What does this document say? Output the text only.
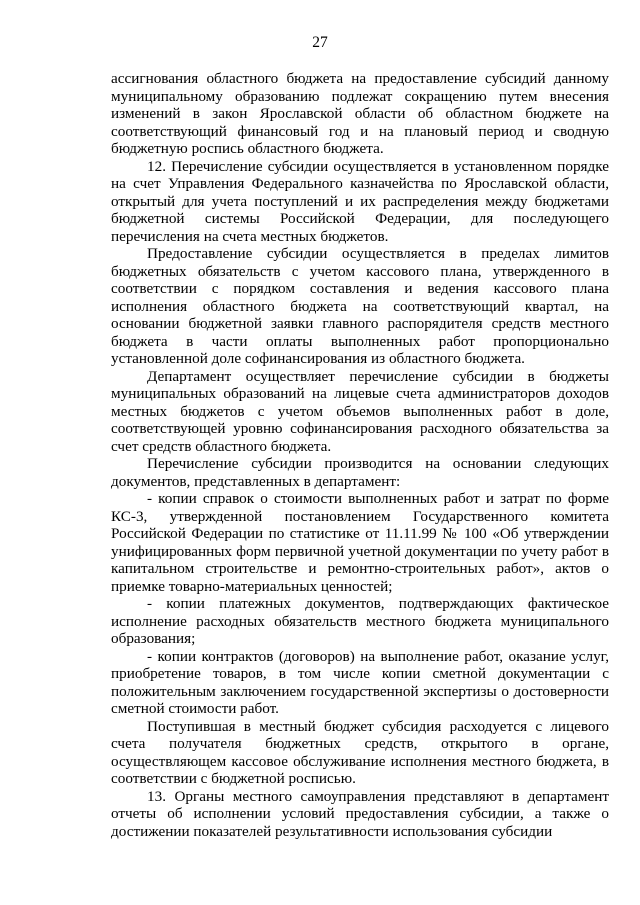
27

ассигнования областного бюджета на предоставление субсидий данному муниципальному образованию подлежат сокращению путем внесения изменений в закон Ярославской области об областном бюджете на соответствующий финансовый год и на плановый период и сводную бюджетную роспись областного бюджета.

12. Перечисление субсидии осуществляется в установленном порядке на счет Управления Федерального казначейства по Ярославской области, открытый для учета поступлений и их распределения между бюджетами бюджетной системы Российской Федерации, для последующего перечисления на счета местных бюджетов.

Предоставление субсидии осуществляется в пределах лимитов бюджетных обязательств с учетом кассового плана, утвержденного в соответствии с порядком составления и ведения кассового плана исполнения областного бюджета на соответствующий квартал, на основании бюджетной заявки главного распорядителя средств местного бюджета в части оплаты выполненных работ пропорционально установленной доле софинансирования из областного бюджета.

Департамент осуществляет перечисление субсидии в бюджеты муниципальных образований на лицевые счета администраторов доходов местных бюджетов с учетом объемов выполненных работ в доле, соответствующей уровню софинансирования расходного обязательства за счет средств областного бюджета.

Перечисление субсидии производится на основании следующих документов, представленных в департамент:

- копии справок о стоимости выполненных работ и затрат по форме КС-3, утвержденной постановлением Государственного комитета Российской Федерации по статистике от 11.11.99 № 100 «Об утверждении унифицированных форм первичной учетной документации по учету работ в капитальном строительстве и ремонтно-строительных работ», актов о приемке товарно-материальных ценностей;

- копии платежных документов, подтверждающих фактическое исполнение расходных обязательств местного бюджета муниципального образования;

- копии контрактов (договоров) на выполнение работ, оказание услуг, приобретение товаров, в том числе копии сметной документации с положительным заключением государственной экспертизы о достоверности сметной стоимости работ.

Поступившая в местный бюджет субсидия расходуется с лицевого счета получателя бюджетных средств, открытого в органе, осуществляющем кассовое обслуживание исполнения местного бюджета, в соответствии с бюджетной росписью.

13. Органы местного самоуправления представляют в департамент отчеты об исполнении условий предоставления субсидии, а также о достижении показателей результативности использования субсидии
